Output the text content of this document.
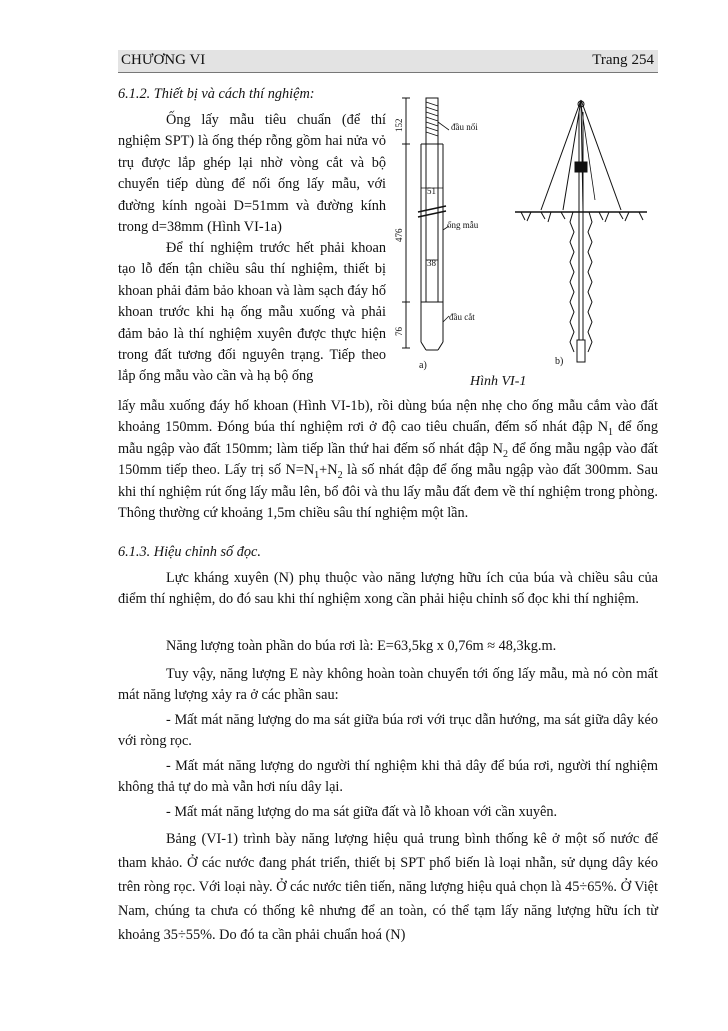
CHƯƠNG VI	Trang 254

6.1.2. Thiết bị và cách thí nghiệm:

Ống lấy mẫu tiêu chuẩn (để thí nghiệm SPT) là ống thép rỗng gồm hai nửa vỏ trụ được lắp ghép lại nhờ vòng cắt và bộ chuyển tiếp dùng để nối ống lấy mẫu, với đường kính ngoài D=51mm và đường kính trong d=38mm (Hình VI-1a)

Để thí nghiệm trước hết phải khoan tạo lỗ đến tận chiều sâu thí nghiệm, thiết bị khoan phải đảm bảo khoan và làm sạch đáy hố khoan trước khi hạ ống mẫu xuống và phải đảm bảo là thí nghiệm xuyên được thực hiện trong đất tương đối nguyên trạng. Tiếp theo lắp ống mẫu vào cần và hạ bộ ống

lấy mẫu xuống đáy hố khoan (Hình VI-1b), rồi dùng búa nện nhẹ cho ống mẫu cắm vào đất khoảng 150mm. Đóng búa thí nghiệm rơi ở độ cao tiêu chuẩn, đếm số nhát đập $N_1$ để ống mẫu ngập vào đất 150mm; làm tiếp lần thứ hai đếm số nhát đập $N_2$ để ống mẫu ngập vào đất 150mm tiếp theo. Lấy trị số $N=N_1+N_2$ là số nhát đập để ống mẫu ngập vào đất 300mm. Sau khi thí nghiệm rút ống lấy mẫu lên, bổ đôi và thu lấy mẫu đất đem về thí nghiệm trong phòng. Thông thường cứ khoảng 1,5m chiều sâu thí nghiệm một lần.

6.1.3. Hiệu chỉnh số đọc.

Lực kháng xuyên (N) phụ thuộc vào năng lượng hữu ích của búa và chiều sâu của điểm thí nghiệm, do đó sau khi thí nghiệm xong cần phải hiệu chỉnh số đọc khi thí nghiệm.

Năng lượng toàn phần do búa rơi là: E=63,5kg x 0,76m ≈ 48,3kg.m.

Tuy vậy, năng lượng E này không hoàn toàn chuyển tới ống lấy mẫu, mà nó còn mất mát năng lượng xảy ra ở các phần sau:

- Mất mát năng lượng do ma sát giữa búa rơi với trục dẫn hướng, ma sát giữa dây kéo với ròng rọc.

- Mất mát năng lượng do người thí nghiệm khi thả dây để búa rơi, người thí nghiệm không thả tự do mà vẫn hơi níu dây lại.

- Mất mát năng lượng do ma sát giữa đất và lỗ khoan với cần xuyên.

Bảng (VI-1) trình bày năng lượng hiệu quả trung bình thống kê ở một số nước để tham khảo. Ở các nước đang phát triển, thiết bị SPT phổ biến là loại nhẫn, sử dụng dây kéo trên ròng rọc. Với loại này. Ở các nước tiên tiến, năng lượng hiệu quả chọn là 45÷65%. Ở Việt Nam, chúng ta chưa có thống kê nhưng để an toàn, có thể tạm lấy năng lượng hữu ích từ khoảng 35÷55%. Do đó ta cần phải chuẩn hoá (N)

đầu nối
ống mẫu
đầu cắt
51
38
152
476
76
a)	b)
Hình VI-1
